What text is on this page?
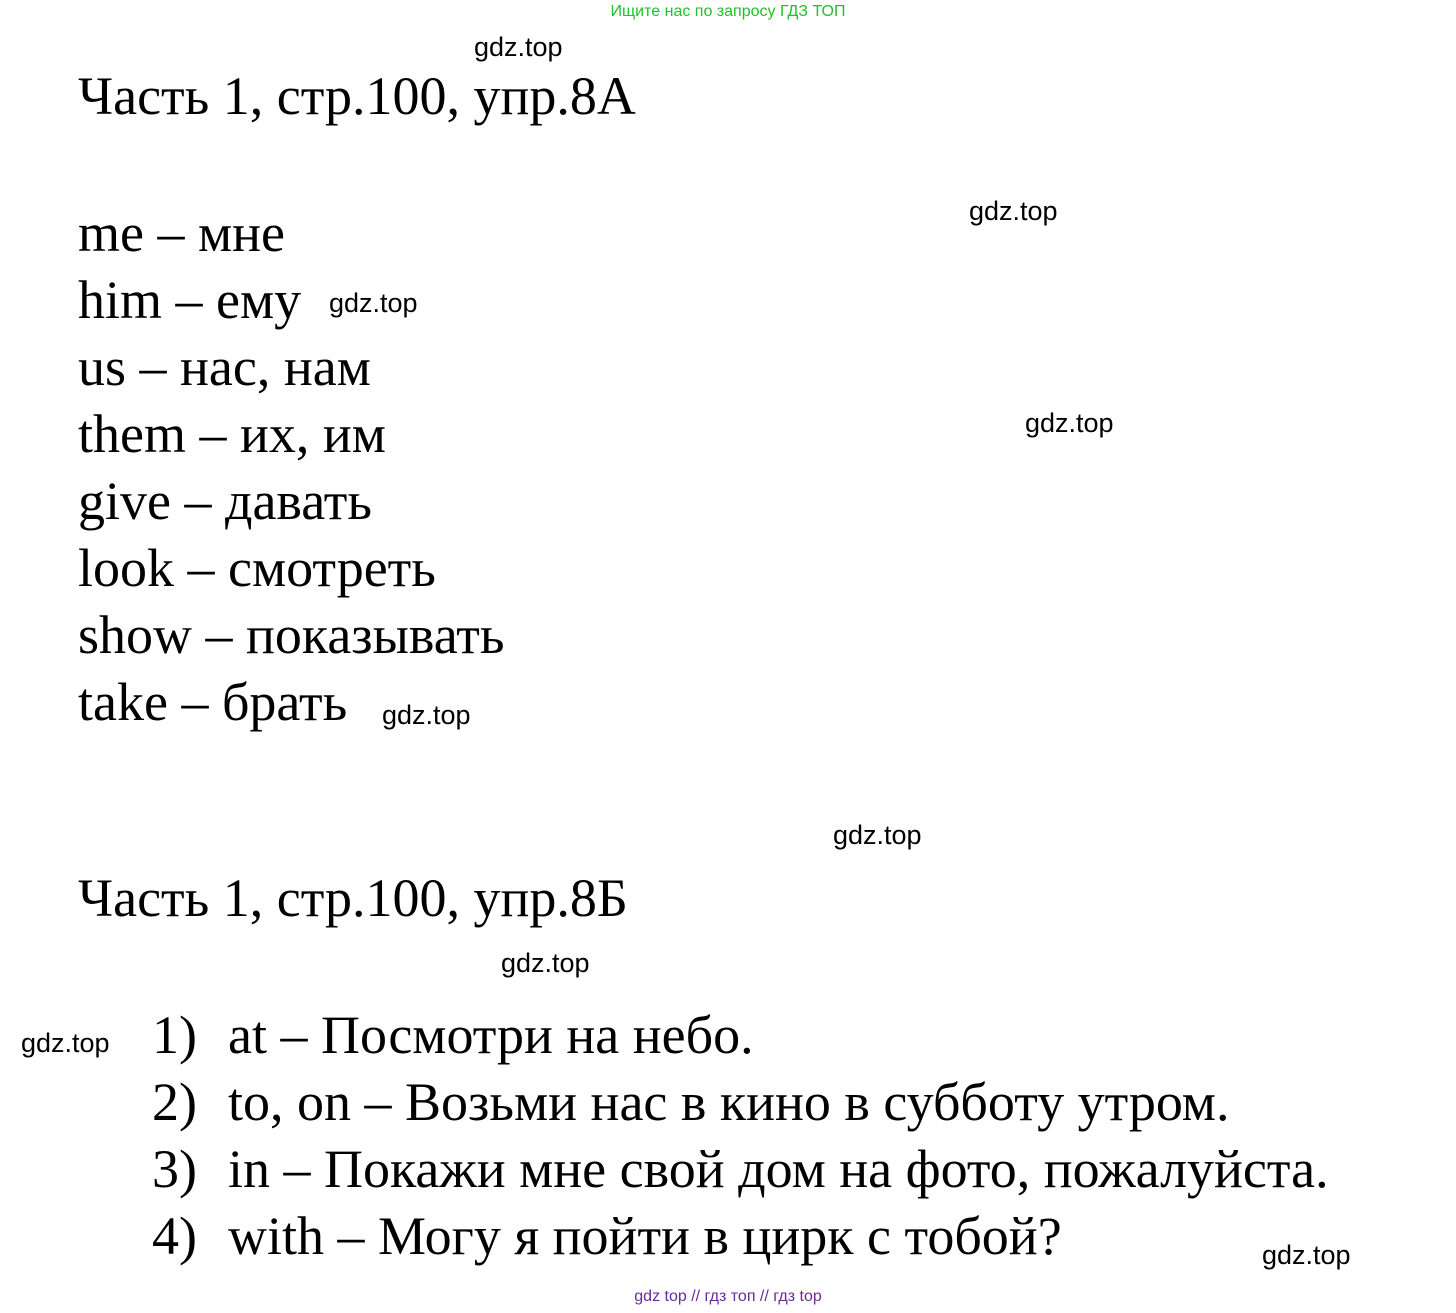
Ищите нас по запросу ГДЗ ТОП
Часть 1, стр.100, упр.8А
me – мне
him – ему
us – нас, нам
them – их, им
give – давать
look – смотреть
show – показывать
take – брать
Часть 1, стр.100, упр.8Б
1) at – Посмотри на небо.
2) to, on – Возьми нас в кино в субботу утром.
3) in – Покажи мне свой дом на фото, пожалуйста.
4) with – Могу я пойти в цирк с тобой?
gdz.top
gdz.top
gdz.top
gdz.top
gdz.top
gdz.top
gdz.top
gdz.top
gdz.top
gdz top // гдз топ // гдз top
